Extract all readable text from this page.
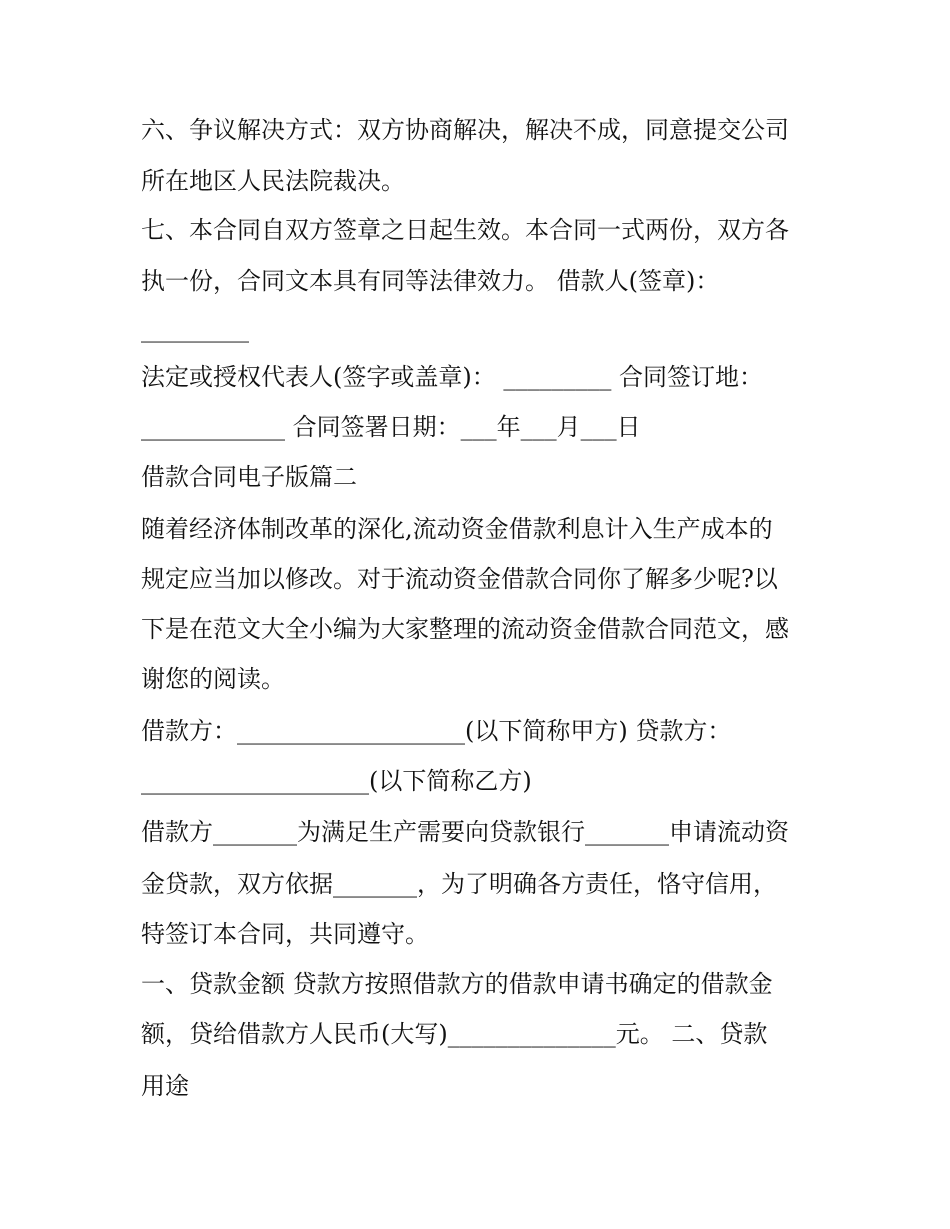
六、争议解决方式：双方协商解决，解决不成，同意提交公司
所在地区人民法院裁决。
七、本合同自双方签章之日起生效。本合同一式两份，双方各
执一份，合同文本具有同等法律效力。 借款人(签章)：
_________
法定或授权代表人(签字或盖章)： _________ 合同签订地：
____________ 合同签署日期：___年___月___日
借款合同电子版篇二
随着经济体制改革的深化,流动资金借款利息计入生产成本的
规定应当加以修改。对于流动资金借款合同你了解多少呢?以
下是在范文大全小编为大家整理的流动资金借款合同范文，感
谢您的阅读。
借款方：___________________(以下简称甲方) 贷款方：
___________________(以下简称乙方)
借款方_______为满足生产需要向贷款银行_______申请流动资
金贷款，双方依据_______，为了明确各方责任，恪守信用，
特签订本合同，共同遵守。
一、贷款金额 贷款方按照借款方的借款申请书确定的借款金
额，贷给借款方人民币(大写)______________元。 二、贷款
用途
